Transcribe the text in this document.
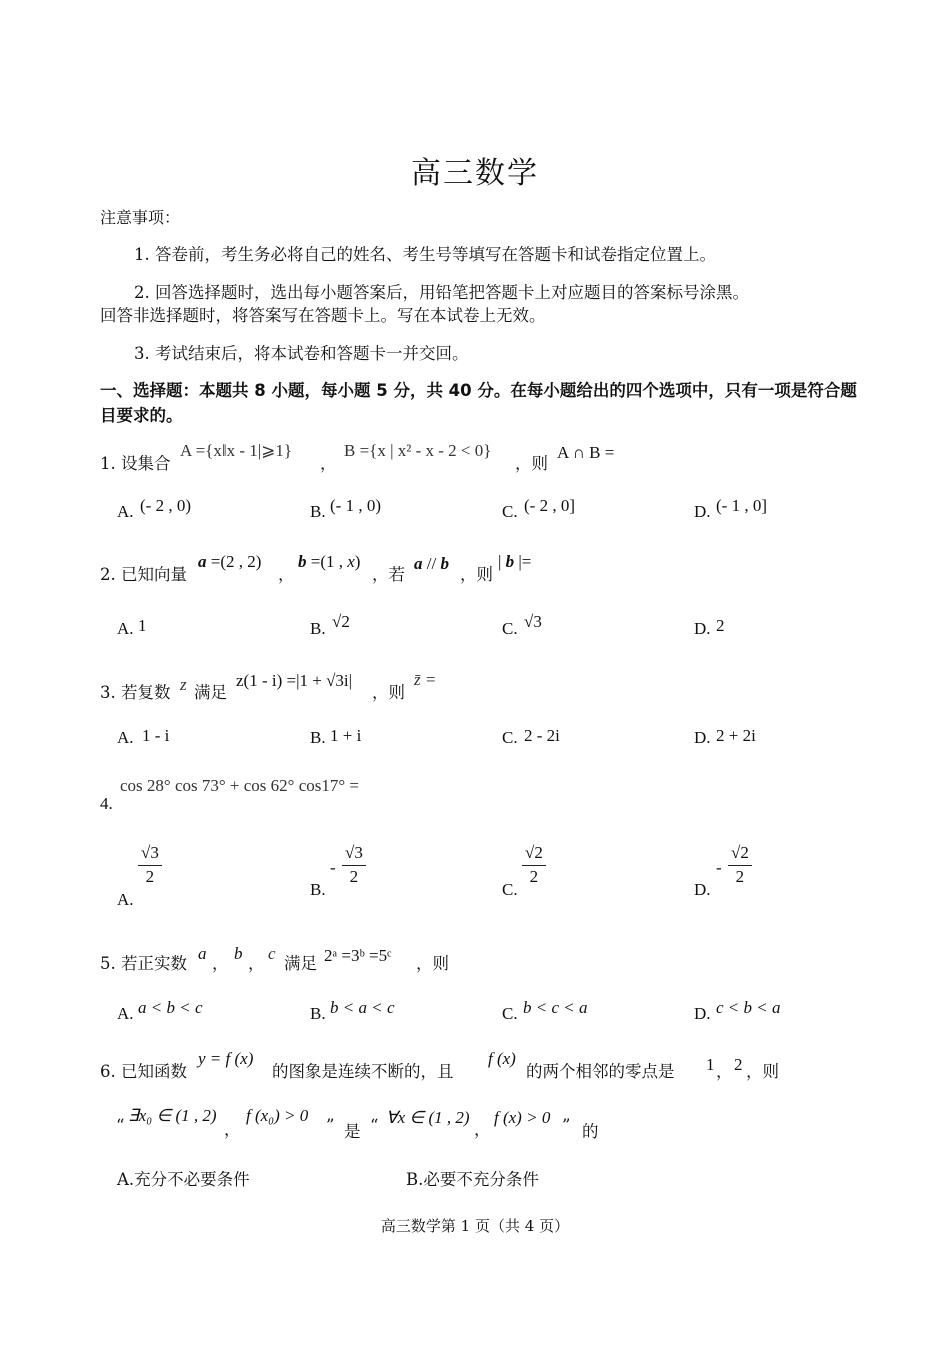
高三数学
注意事项：
1. 答卷前，考生务必将自己的姓名、考生号等填写在答题卡和试卷指定位置上。
2. 回答选择题时，选出每小题答案后，用铅笔把答题卡上对应题目的答案标号涂黑。
回答非选择题时，将答案写在答题卡上。写在本试卷上无效。
3. 考试结束后，将本试卷和答题卡一并交回。
一、选择题：本题共 8 小题，每小题 5 分，共 40 分。在每小题给出的四个选项中，只有一项是符合题目要求的。
1. 设集合
A ={x‖x - 1|⩾1}
，
B ={x | x² - x - 2 < 0}
，则
A ∩ B =
A. (- 2 , 0)	B. (- 1 , 0)	C. (- 2 , 0]	D. (- 1 , 0]
2. 已知向量
a =(2 , 2)
，
b =(1 , x)
，若
a // b
，则
| b |=
A. 1	B. √2	C. √3	D. 2
3. 若复数 z 满足
z(1 - i) =|1 + √3i|
，则
z̄ =
A. 1 - i	B. 1 + i	C. 2 - 2i	D. 2 + 2i
cos 28° cos 73° + cos 62° cos17° =
4.
A.
$\frac{√3}{2}$
B.
- $\frac{√3}{2}$
C.
$\frac{√2}{2}$
D.
- $\frac{√2}{2}$
5. 若正实数
a
，
b
，
c
满足 2ᵃ =3ᵇ =5ᶜ ，则
A. a < b < c	B. b < a < c	C. b < c < a	D. c < b < a
6. 已知函数
y = f (x)
的图象是连续不断的，且
f (x)
的两个相邻的零点是 1 ， 2 ，则
“
∃x₀ ∈ (1 , 2)
，
f (x₀) > 0
” 是 “ ∀x ∈ (1 , 2)
，
f (x) > 0 ” 的
A.充分不必要条件	B.必要不充分条件
高三数学第 1 页（共 4 页）
